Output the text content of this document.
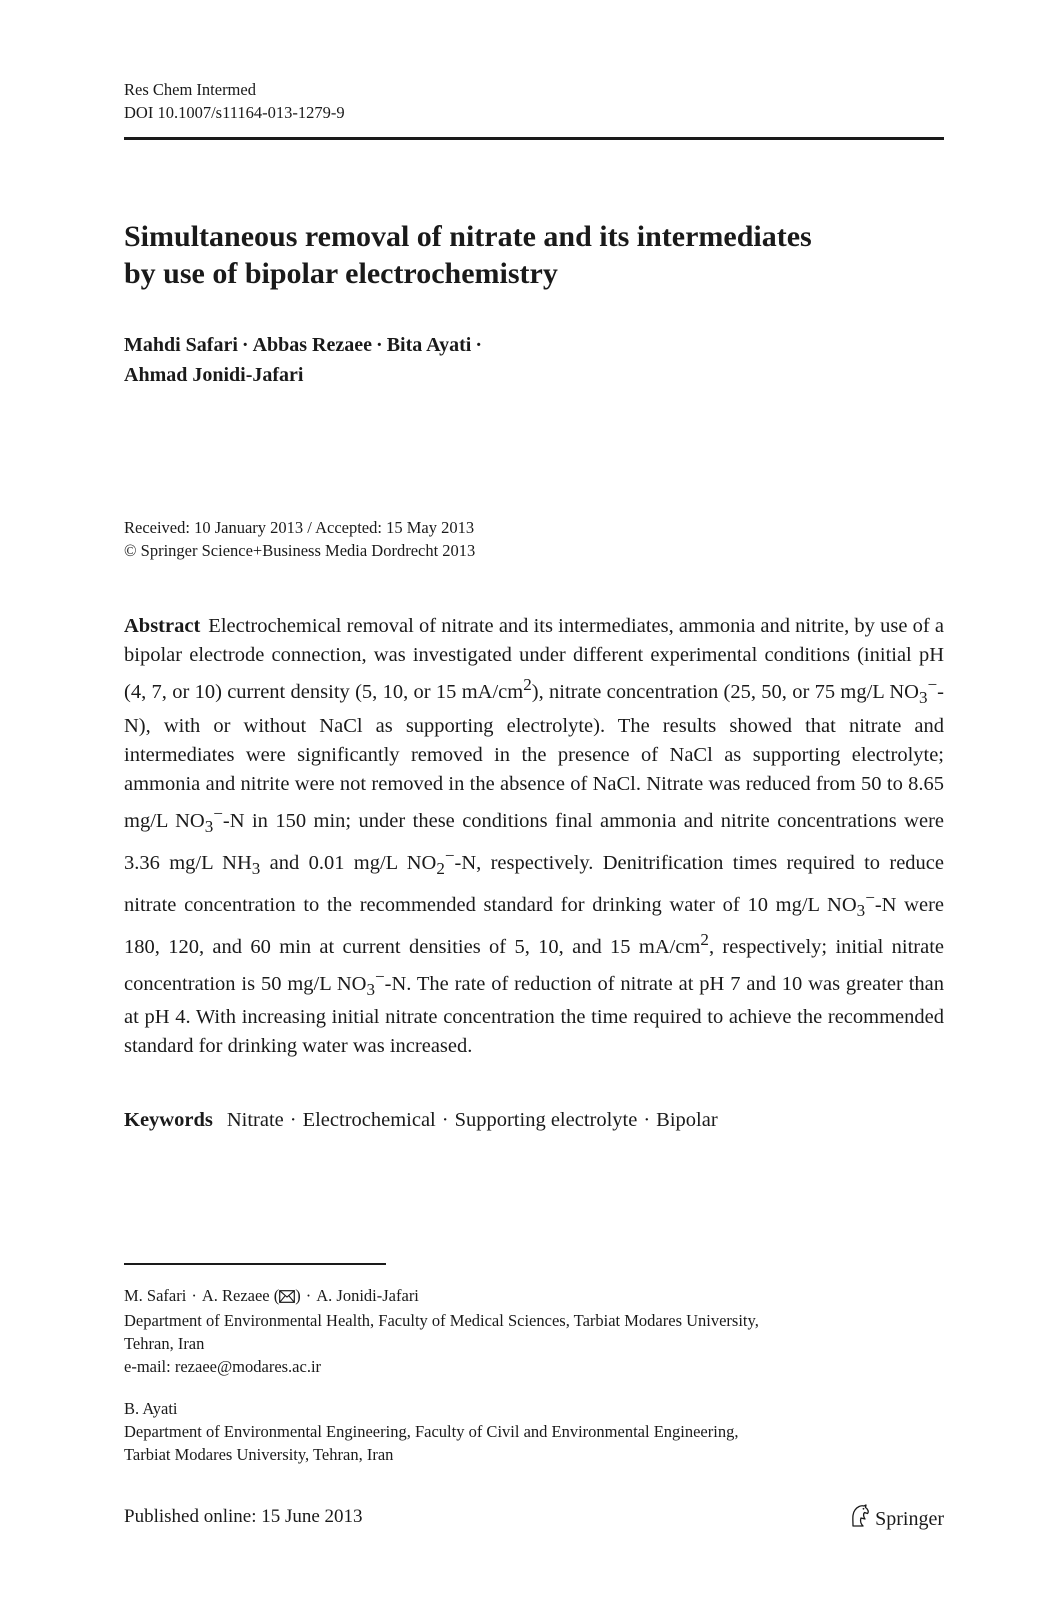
Res Chem Intermed
DOI 10.1007/s11164-013-1279-9
Simultaneous removal of nitrate and its intermediates
by use of bipolar electrochemistry
Mahdi Safari · Abbas Rezaee · Bita Ayati ·
Ahmad Jonidi-Jafari
Received: 10 January 2013 / Accepted: 15 May 2013
© Springer Science+Business Media Dordrecht 2013
Abstract Electrochemical removal of nitrate and its intermediates, ammonia and nitrite, by use of a bipolar electrode connection, was investigated under different experimental conditions (initial pH (4, 7, or 10) current density (5, 10, or 15 $mA/cm^2$), nitrate concentration (25, 50, or 75 mg/L $NO_3^--N$), with or without NaCl as supporting electrolyte). The results showed that nitrate and intermediates were significantly removed in the presence of NaCl as supporting electrolyte; ammonia and nitrite were not removed in the absence of NaCl. Nitrate was reduced from 50 to 8.65 mg/L $NO_3^--N$ in 150 min; under these conditions final ammonia and nitrite concentrations were 3.36 mg/L $NH_3$ and 0.01 mg/L $NO_2^--N$, respectively. Denitrification times required to reduce nitrate concentration to the recommended standard for drinking water of 10 mg/L $NO_3^--N$ were 180, 120, and 60 min at current densities of 5, 10, and 15 $mA/cm^2$, respectively; initial nitrate concentration is 50 mg/L $NO_3^--N$. The rate of reduction of nitrate at pH 7 and 10 was greater than at pH 4. With increasing initial nitrate concentration the time required to achieve the recommended standard for drinking water was increased.
Keywords Nitrate · Electrochemical · Supporting electrolyte · Bipolar
M. Safari · A. Rezaee ( ) · A. Jonidi-Jafari
Department of Environmental Health, Faculty of Medical Sciences, Tarbiat Modares University,
Tehran, Iran
e-mail: rezaee@modares.ac.ir
B. Ayati
Department of Environmental Engineering, Faculty of Civil and Environmental Engineering,
Tarbiat Modares University, Tehran, Iran
Published online: 15 June 2013	Springer
